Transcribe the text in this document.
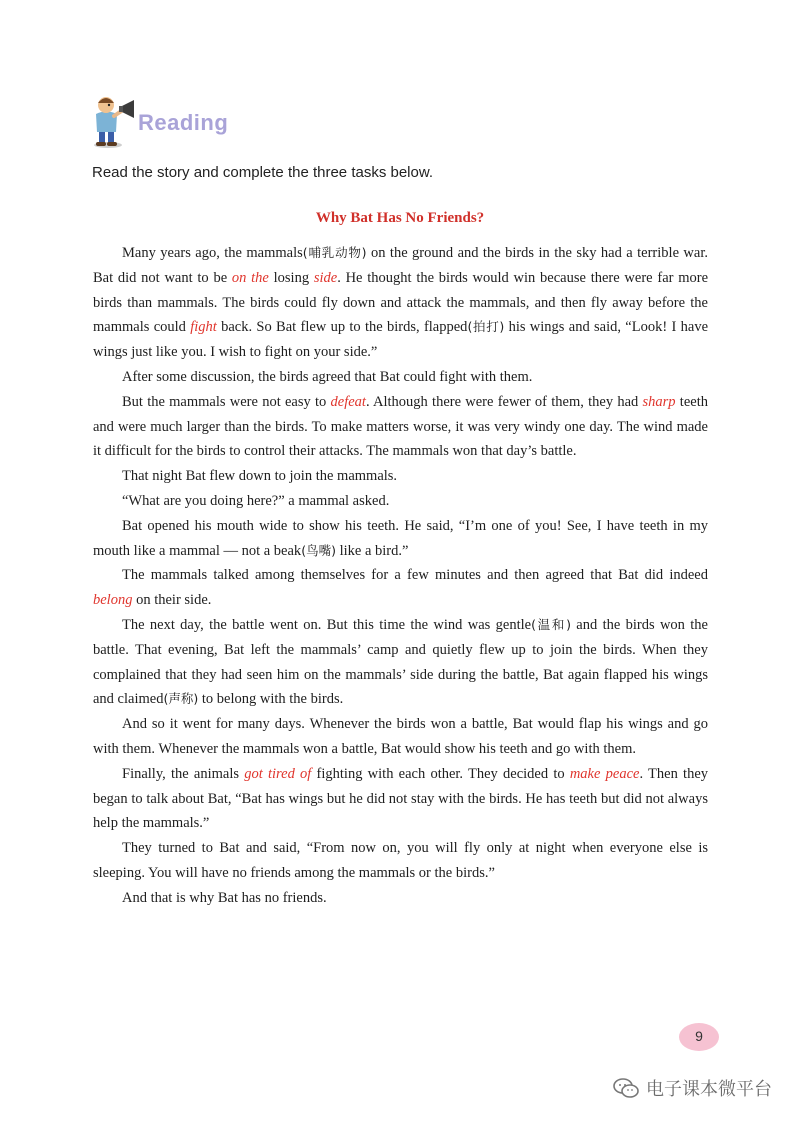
Reading
Read the story and complete the three tasks below.
Why Bat Has No Friends?

Many years ago, the mammals(哺乳动物) on the ground and the birds in the sky had a terrible war. Bat did not want to be on the losing side. He thought the birds would win because there were far more birds than mammals. The birds could fly down and attack the mammals, and then fly away before the mammals could fight back. So Bat flew up to the birds, flapped(拍打) his wings and said, “Look! I have wings just like you. I wish to fight on your side.”

After some discussion, the birds agreed that Bat could fight with them.

But the mammals were not easy to defeat. Although there were fewer of them, they had sharp teeth and were much larger than the birds. To make matters worse, it was very windy one day. The wind made it difficult for the birds to control their attacks. The mammals won that day’s battle.

That night Bat flew down to join the mammals.

“What are you doing here?” a mammal asked.

Bat opened his mouth wide to show his teeth. He said, “I’m one of you! See, I have teeth in my mouth like a mammal — not a beak(鸟嘴) like a bird.”

The mammals talked among themselves for a few minutes and then agreed that Bat did indeed belong on their side.

The next day, the battle went on. But this time the wind was gentle(温和) and the birds won the battle. That evening, Bat left the mammals’ camp and quietly flew up to join the birds. When they complained that they had seen him on the mammals’ side during the battle, Bat again flapped his wings and claimed(声称) to belong with the birds.

And so it went for many days. Whenever the birds won a battle, Bat would flap his wings and go with them. Whenever the mammals won a battle, Bat would show his teeth and go with them.

Finally, the animals got tired of fighting with each other. They decided to make peace. Then they began to talk about Bat, “Bat has wings but he did not stay with the birds. He has teeth but did not always help the mammals.”

They turned to Bat and said, “From now on, you will fly only at night when everyone else is sleeping. You will have no friends among the mammals or the birds.”

And that is why Bat has no friends.

9
电子课本微平台
